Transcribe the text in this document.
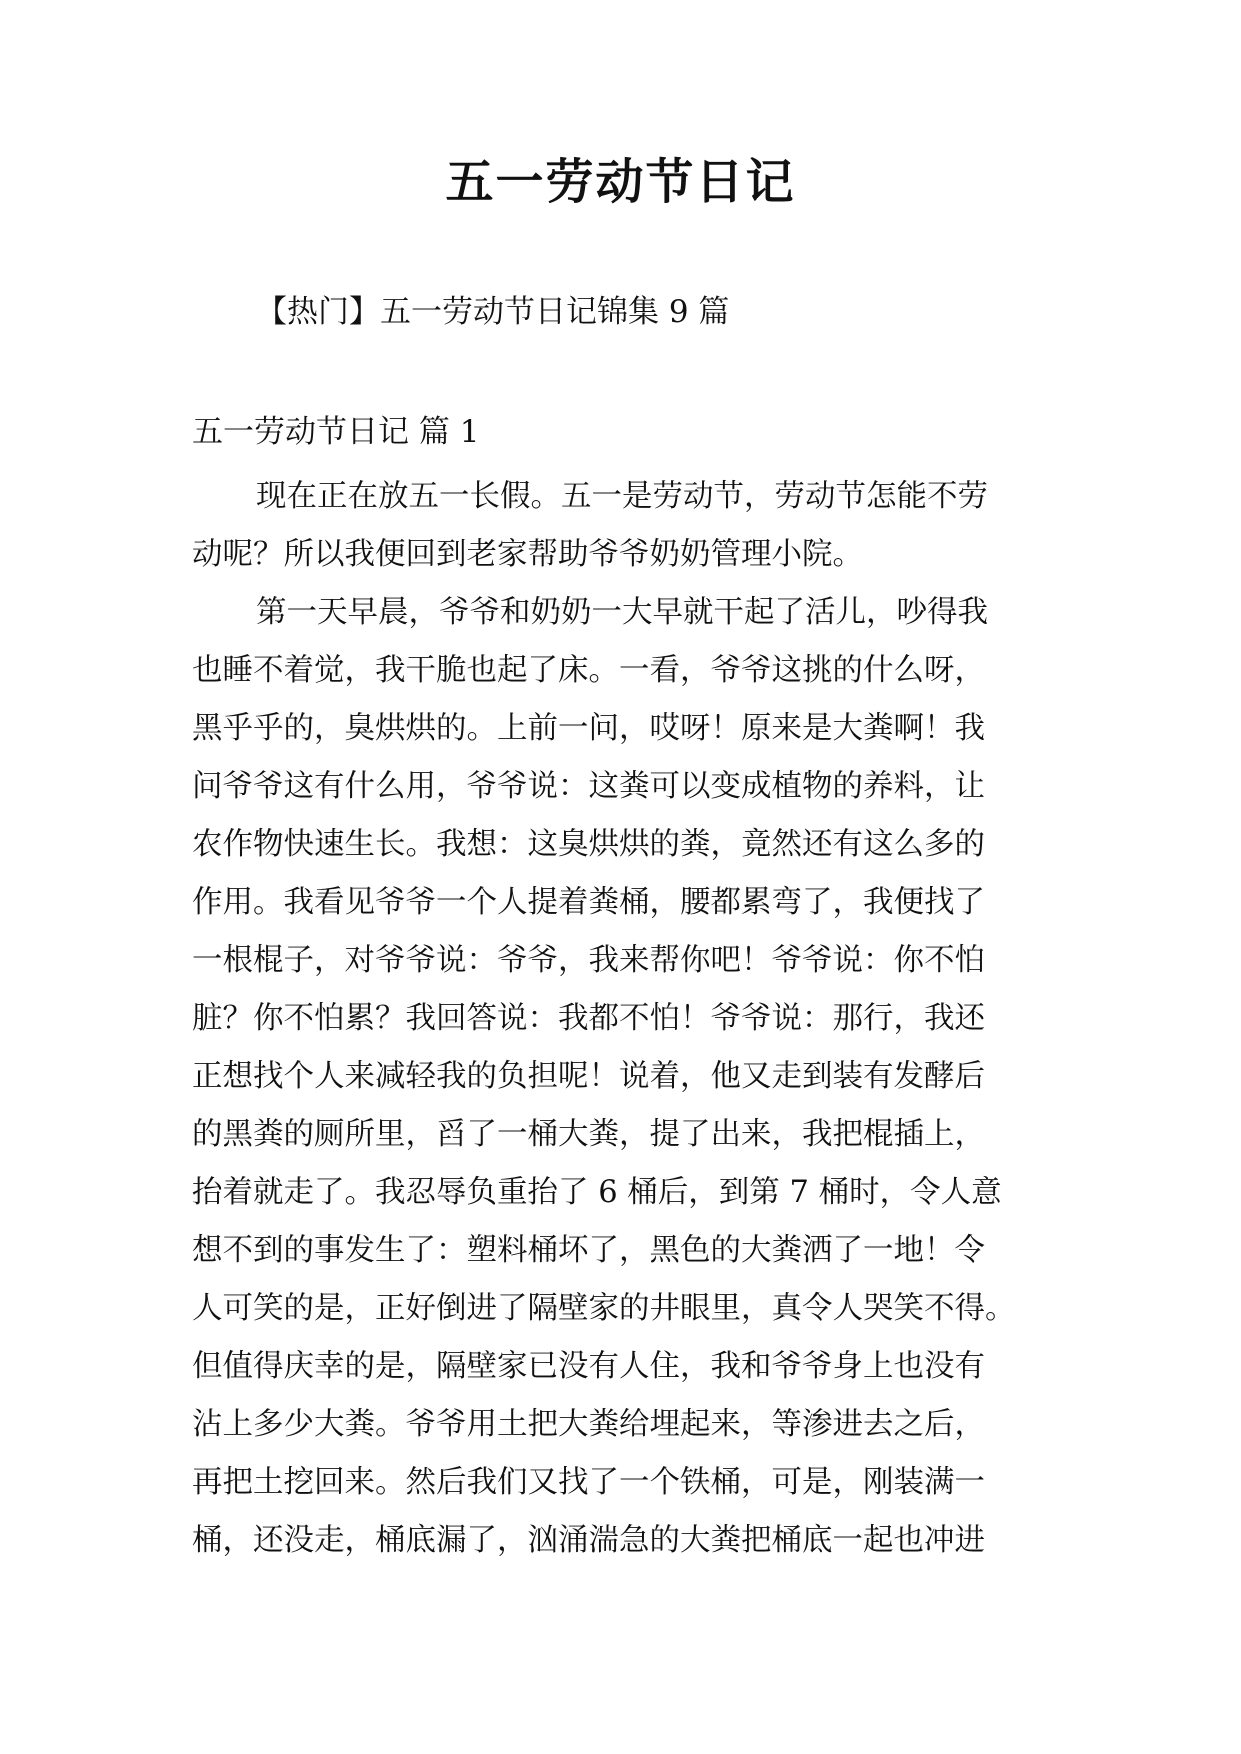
五一劳动节日记

【热门】五一劳动节日记锦集 9 篇

五一劳动节日记 篇 1

现在正在放五一长假。五一是劳动节，劳动节怎能不劳
动呢？所以我便回到老家帮助爷爷奶奶管理小院。
第一天早晨，爷爷和奶奶一大早就干起了活儿，吵得我
也睡不着觉，我干脆也起了床。一看，爷爷这挑的什么呀，
黑乎乎的，臭烘烘的。上前一问，哎呀！原来是大粪啊！我
问爷爷这有什么用，爷爷说：这粪可以变成植物的养料，让
农作物快速生长。我想：这臭烘烘的粪，竟然还有这么多的
作用。我看见爷爷一个人提着粪桶，腰都累弯了，我便找了
一根棍子，对爷爷说：爷爷，我来帮你吧！爷爷说：你不怕
脏？你不怕累？我回答说：我都不怕！爷爷说：那行，我还
正想找个人来减轻我的负担呢！说着，他又走到装有发酵后
的黑粪的厕所里，舀了一桶大粪，提了出来，我把棍插上，
抬着就走了。我忍辱负重抬了 6 桶后，到第 7 桶时，令人意
想不到的事发生了：塑料桶坏了，黑色的大粪洒了一地！令
人可笑的是，正好倒进了隔壁家的井眼里，真令人哭笑不得。
但值得庆幸的是，隔壁家已没有人住，我和爷爷身上也没有
沾上多少大粪。爷爷用土把大粪给埋起来，等渗进去之后，
再把土挖回来。然后我们又找了一个铁桶，可是，刚装满一
桶，还没走，桶底漏了，汹涌湍急的大粪把桶底一起也冲进
